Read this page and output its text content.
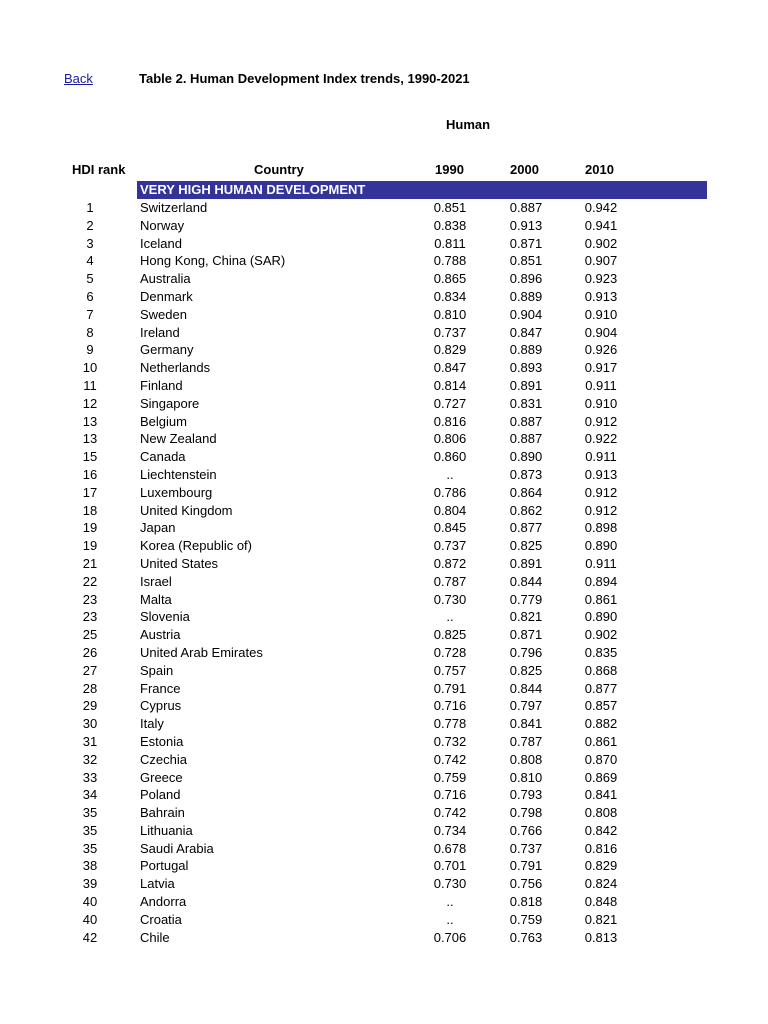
Back	Table 2. Human Development Index trends, 1990-2021
Human
HDI rank	Country	1990	2000	2010
VERY HIGH HUMAN DEVELOPMENT
1	Switzerland	0.851	0.887	0.942
2	Norway	0.838	0.913	0.941
3	Iceland	0.811	0.871	0.902
4	Hong Kong, China (SAR)	0.788	0.851	0.907
5	Australia	0.865	0.896	0.923
6	Denmark	0.834	0.889	0.913
7	Sweden	0.810	0.904	0.910
8	Ireland	0.737	0.847	0.904
9	Germany	0.829	0.889	0.926
10	Netherlands	0.847	0.893	0.917
11	Finland	0.814	0.891	0.911
12	Singapore	0.727	0.831	0.910
13	Belgium	0.816	0.887	0.912
13	New Zealand	0.806	0.887	0.922
15	Canada	0.860	0.890	0.911
16	Liechtenstein	..	0.873	0.913
17	Luxembourg	0.786	0.864	0.912
18	United Kingdom	0.804	0.862	0.912
19	Japan	0.845	0.877	0.898
19	Korea (Republic of)	0.737	0.825	0.890
21	United States	0.872	0.891	0.911
22	Israel	0.787	0.844	0.894
23	Malta	0.730	0.779	0.861
23	Slovenia	..	0.821	0.890
25	Austria	0.825	0.871	0.902
26	United Arab Emirates	0.728	0.796	0.835
27	Spain	0.757	0.825	0.868
28	France	0.791	0.844	0.877
29	Cyprus	0.716	0.797	0.857
30	Italy	0.778	0.841	0.882
31	Estonia	0.732	0.787	0.861
32	Czechia	0.742	0.808	0.870
33	Greece	0.759	0.810	0.869
34	Poland	0.716	0.793	0.841
35	Bahrain	0.742	0.798	0.808
35	Lithuania	0.734	0.766	0.842
35	Saudi Arabia	0.678	0.737	0.816
38	Portugal	0.701	0.791	0.829
39	Latvia	0.730	0.756	0.824
40	Andorra	..	0.818	0.848
40	Croatia	..	0.759	0.821
42	Chile	0.706	0.763	0.813
